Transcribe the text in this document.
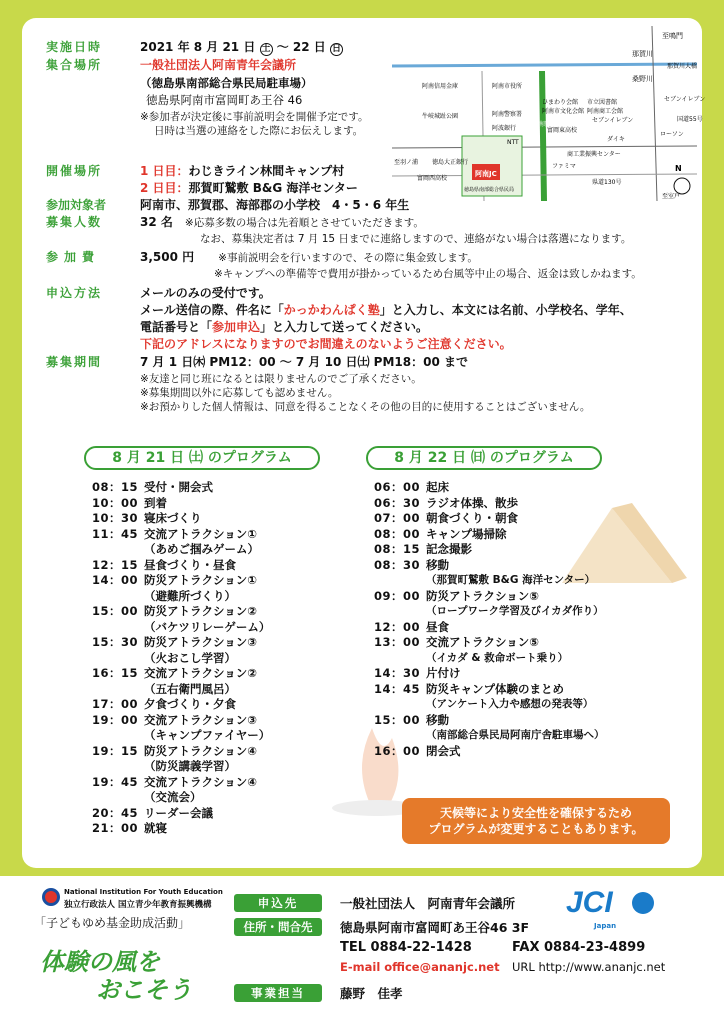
実施日時	2021 年 8 月 21 日 土 〜 22 日 日
集合場所	一般社団法人阿南青年会議所
（徳島県南部総合県民局駐車場）
徳島県阿南市富岡町あ王谷 46
※参加者が決定後に事前説明会を開催予定です。
日時は当選の連絡をした際にお伝えします。
N
至鳴門
那賀川
那賀川大橋
桑野川
阿南信用金庫	阿南市役所
ひまわり会館
阿南市文化会館
市立図書館
阿南商工会館
セブンイレブン
セブンイレブン
牛岐城趾公園	阿南警察署
阿波銀行
NTT	ダイキ
ローソン
国道55号
富岡東高校
商工業振興センター
至羽ノ浦 徳島大正銀行
ファミマ
富岡西高校
阿南JC
徳島県南部総合県民局
県道130号
阿南駅
至室戸
開催場所	1 日目：わじきライン林間キャンプ村
2 日目：那賀町鷲敷 B&G 海洋センター
参加対象者	阿南市、那賀郡、海部郡の小学校　4・5・6 年生
募集人数	32 名　 ※応募多数の場合は先着順とさせていただきます。
なお、募集決定者は 7 月 15 日までに連絡しますので、連絡がない場合は落選になります。
参加費	3,500 円　　 ※事前説明会を行いますので、その際に集金致します。
※キャンプへの準備等で費用が掛かっているため台風等中止の場合、返金は致しかねます。
申込方法	メールのみの受付です。
メール送信の際、件名に「かっかわんぱく塾」と入力し、本文には名前、小学校名、学年、
電話番号と「参加申込」と入力して送ってください。
下記のアドレスになりますのでお間違えのないようご注意ください。
募集期間	7 月 1 日㈭ PM12：00 〜 7 月 10 日㈯ PM18：00 まで
※友達と同じ班になるとは限りませんのでご了承ください。
※募集期間以外に応募しても認めません。
※お預かりした個人情報は、同意を得ることなくその他の目的に使用することはございません。
8 月 21 日 ㈯ のプログラム	8 月 22 日 ㈰ のプログラム
08：15 受付・開会式
10：00 到着
10：30 寝床づくり
11：45 交流アトラクション①
（あめご掴みゲーム）
12：15 昼食づくり・昼食
14：00 防災アトラクション①
（避難所づくり）
15：00 防災アトラクション②
（バケツリレーゲーム）
15：30 防災アトラクション③
（火おこし学習）
16：15 交流アトラクション②
（五右衛門風呂）
17：00 夕食づくり・夕食
19：00 交流アトラクション③
（キャンプファイヤー）
19：15 防災アトラクション④
（防災講義学習）
19：45 交流アトラクション④
（交流会）
20：45 リーダー会議
21：00 就寝
06：00 起床
06：30 ラジオ体操、散歩
07：00 朝食づくり・朝食
08：00 キャンプ場掃除
08：15 記念撮影
08：30 移動
（那賀町鷲敷 B&G 海洋センター）
09：00 防災アトラクション⑤
（ロープワーク学習及びイカダ作り）
12：00 昼食
13：00 交流アトラクション⑤
（イカダ & 救命ボート乗り）
14：30 片付け
14：45 防災キャンプ体験のまとめ
（アンケート入力や感想の発表等）
15：00 移動
（南部総合県民局阿南庁舎駐車場へ）
16：00 閉会式
天候等により安全性を確保するため
プログラムが変更することもあります。
National Institution For Youth Education
独立行政法人 国立青少年教育振興機構
「子どもゆめ基金助成活動」
体験の風を
おこそう
申込先	一般社団法人　阿南青年会議所
住所・問合先	徳島県阿南市富岡町あ王谷46 3F
TEL 0884-22-1428	FAX 0884-23-4899
E-mail office@ananjc.net URL http://www.ananjc.net
事業担当	藤野　佳孝
JCI
Japan
